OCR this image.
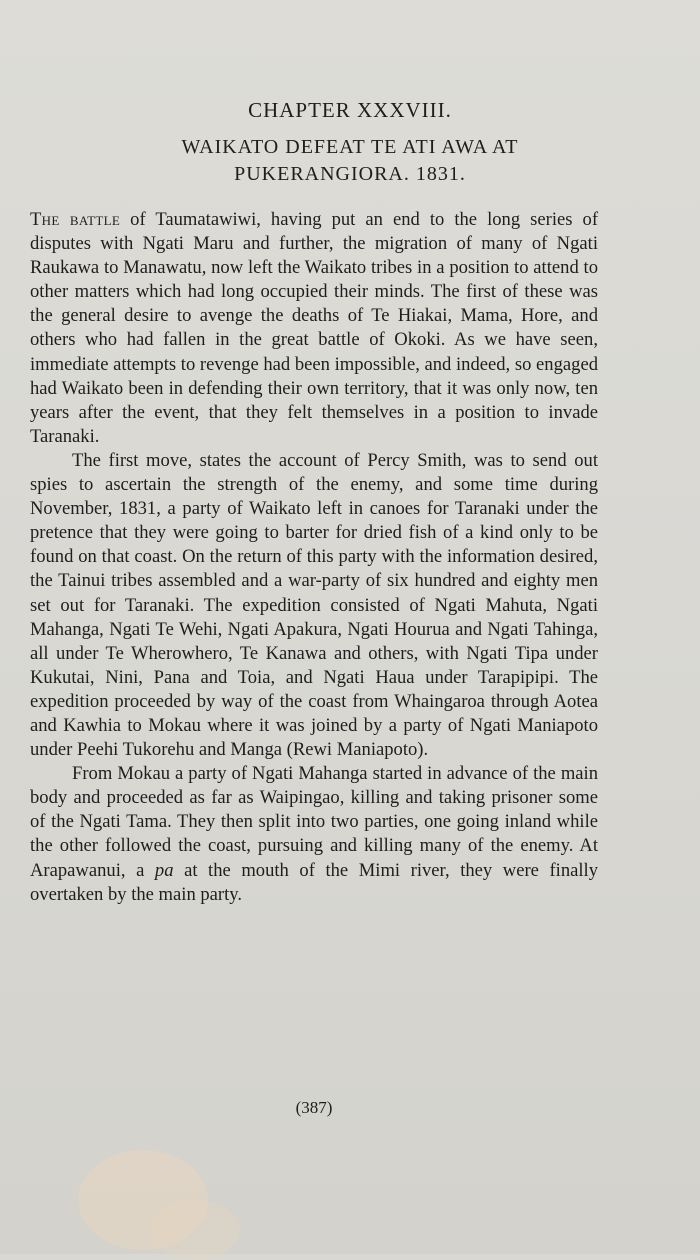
CHAPTER XXXVIII.
WAIKATO DEFEAT TE ATI AWA AT
PUKERANGIORA. 1831.

The battle of Taumatawiwi, having put an end to the long series of disputes with Ngati Maru and further, the migration of many of Ngati Raukawa to Manawatu, now left the Waikato tribes in a position to attend to other matters which had long occupied their minds. The first of these was the general desire to avenge the deaths of Te Hiakai, Mama, Hore, and others who had fallen in the great battle of Okoki. As we have seen, immediate attempts to revenge had been impossible, and indeed, so engaged had Waikato been in defending their own territory, that it was only now, ten years after the event, that they felt themselves in a position to invade Taranaki.

The first move, states the account of Percy Smith, was to send out spies to ascertain the strength of the enemy, and some time during November, 1831, a party of Waikato left in canoes for Taranaki under the pretence that they were going to barter for dried fish of a kind only to be found on that coast. On the return of this party with the information desired, the Tainui tribes assembled and a war-party of six hundred and eighty men set out for Taranaki. The expedition consisted of Ngati Mahuta, Ngati Mahanga, Ngati Te Wehi, Ngati Apakura, Ngati Hourua and Ngati Tahinga, all under Te Wherowhero, Te Kanawa and others, with Ngati Tipa under Kukutai, Nini, Pana and Toia, and Ngati Haua under Tarapipipi. The expedition proceeded by way of the coast from Whaingaroa through Aotea and Kawhia to Mokau where it was joined by a party of Ngati Maniapoto under Peehi Tukorehu and Manga (Rewi Maniapoto).

From Mokau a party of Ngati Mahanga started in advance of the main body and proceeded as far as Waipingao, killing and taking prisoner some of the Ngati Tama. They then split into two parties, one going inland while the other followed the coast, pursuing and killing many of the enemy. At Arapawanui, a pa at the mouth of the Mimi river, they were finally overtaken by the main party.

(387)
